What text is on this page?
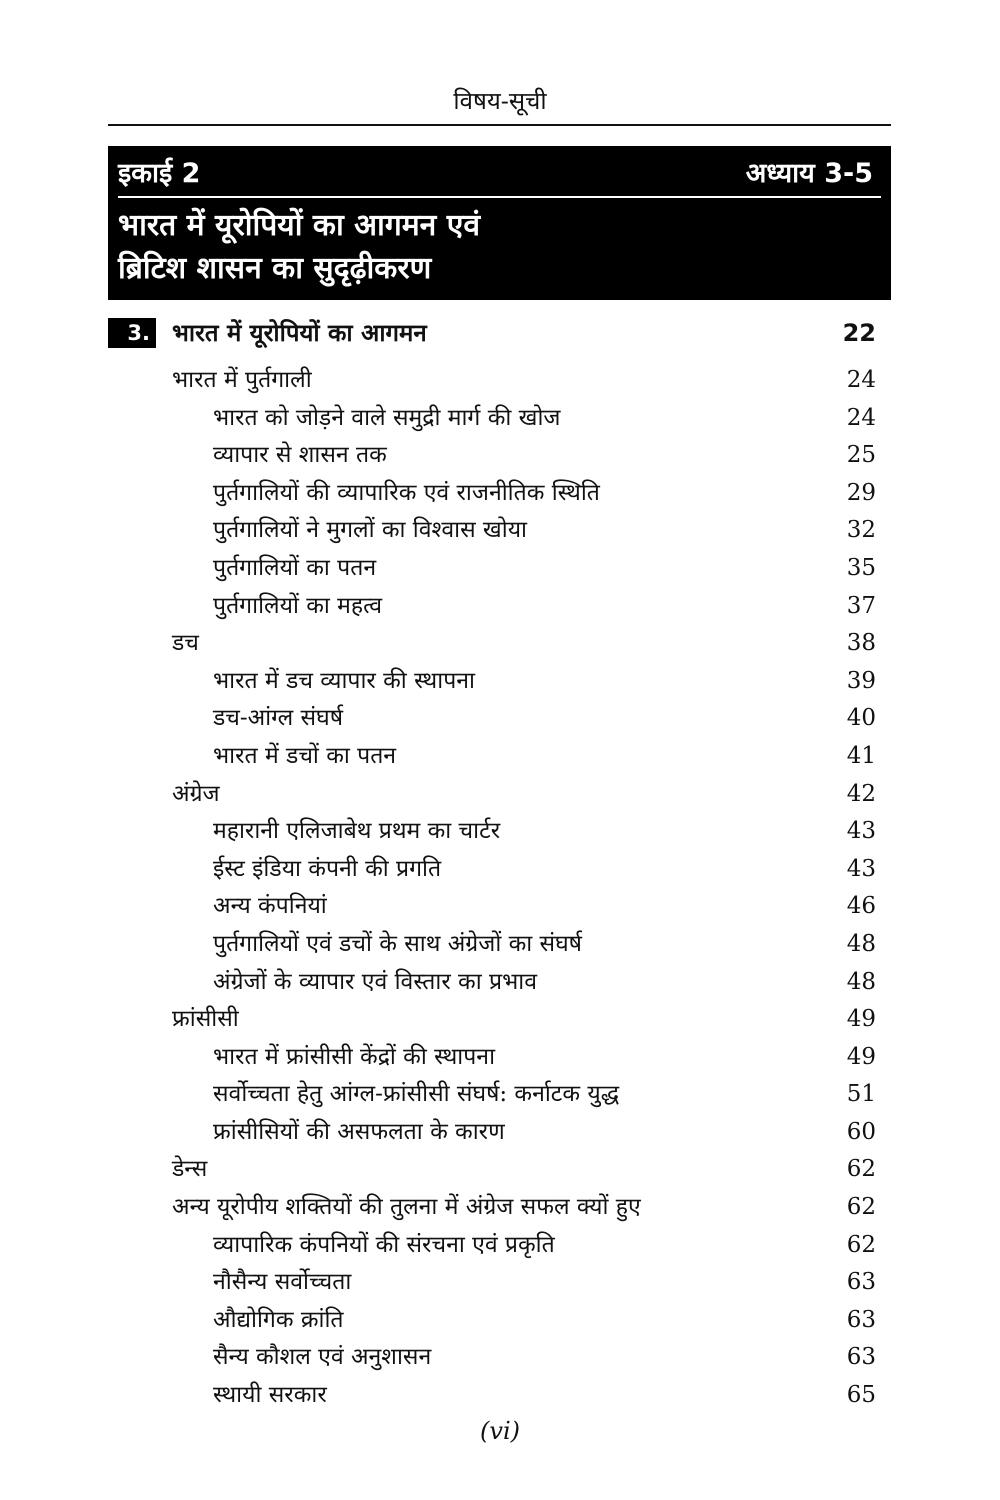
विषय-सूची
इकाई 2	अध्याय 3-5
भारत में यूरोपियों का आगमन एवं
ब्रिटिश शासन का सुदृढ़ीकरण
3. भारत में यूरोपियों का आगमन	22
भारत में पुर्तगाली	24
भारत को जोड़ने वाले समुद्री मार्ग की खोज	24
व्यापार से शासन तक	25
पुर्तगालियों की व्यापारिक एवं राजनीतिक स्थिति	29
पुर्तगालियों ने मुगलों का विश्वास खोया	32
पुर्तगालियों का पतन	35
पुर्तगालियों का महत्व	37
डच	38
भारत में डच व्यापार की स्थापना	39
डच-आंग्ल संघर्ष	40
भारत में डचों का पतन	41
अंग्रेज	42
महारानी एलिजाबेथ प्रथम का चार्टर	43
ईस्ट इंडिया कंपनी की प्रगति	43
अन्य कंपनियां	46
पुर्तगालियों एवं डचों के साथ अंग्रेजों का संघर्ष	48
अंग्रेजों के व्यापार एवं विस्तार का प्रभाव	48
फ्रांसीसी	49
भारत में फ्रांसीसी केंद्रों की स्थापना	49
सर्वोच्चता हेतु आंग्ल-फ्रांसीसी संघर्ष: कर्नाटक युद्ध	51
फ्रांसीसियों की असफलता के कारण	60
डेन्स	62
अन्य यूरोपीय शक्तियों की तुलना में अंग्रेज सफल क्यों हुए	62
व्यापारिक कंपनियों की संरचना एवं प्रकृति	62
नौसैन्य सर्वोच्चता	63
औद्योगिक क्रांति	63
सैन्य कौशल एवं अनुशासन	63
स्थायी सरकार	65
(vi)
